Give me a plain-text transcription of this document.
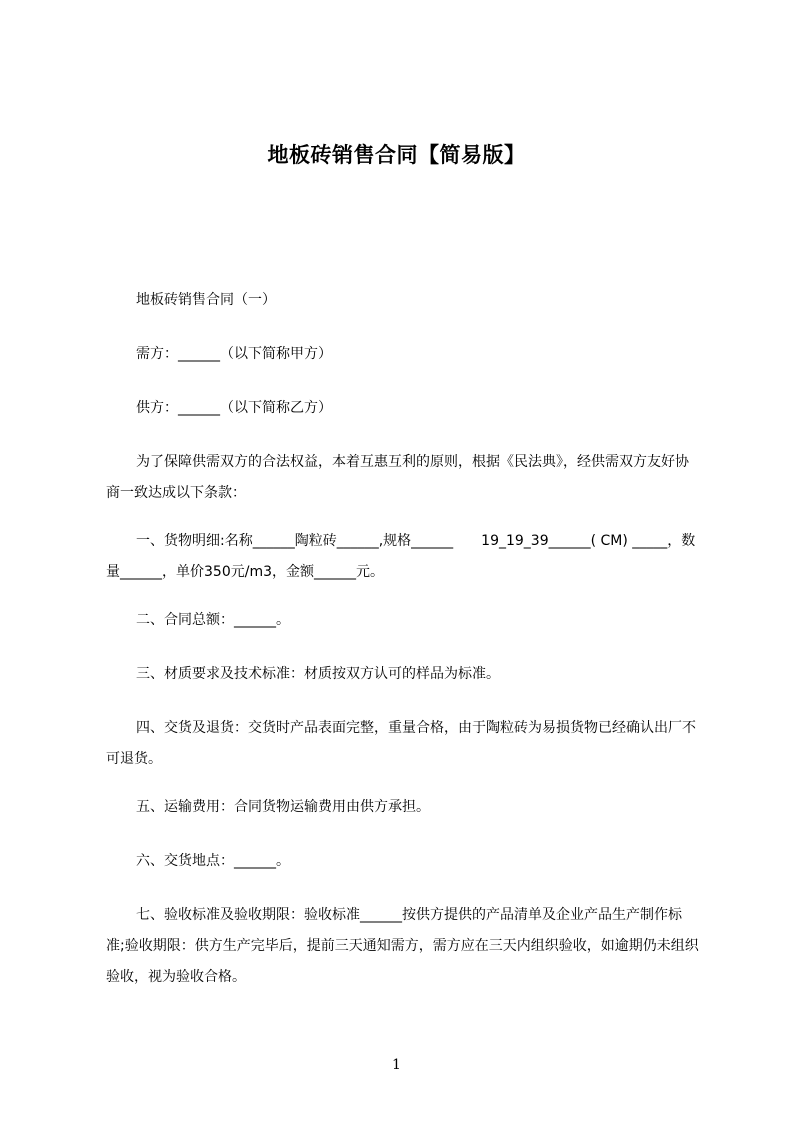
地板砖销售合同【简易版】
地板砖销售合同（一）
需方：______（以下简称甲方）
供方：______（以下简称乙方）
为了保障供需双方的合法权益，本着互惠互利的原则，根据《民法典》，经供需双方友好协商一致达成以下条款：
一、货物明细:名称______陶粒砖______,规格______　　19_19_39______( CM) _____，数量______，单价350元/m3，金额______元。
二、合同总额：______。
三、材质要求及技术标准：材质按双方认可的样品为标准。
四、交货及退货：交货时产品表面完整，重量合格，由于陶粒砖为易损货物已经确认出厂不可退货。
五、运输费用：合同货物运输费用由供方承担。
六、交货地点：______。
七、验收标准及验收期限：验收标准______按供方提供的产品清单及企业产品生产制作标准;验收期限：供方生产完毕后，提前三天通知需方，需方应在三天内组织验收，如逾期仍未组织验收，视为验收合格。
1
